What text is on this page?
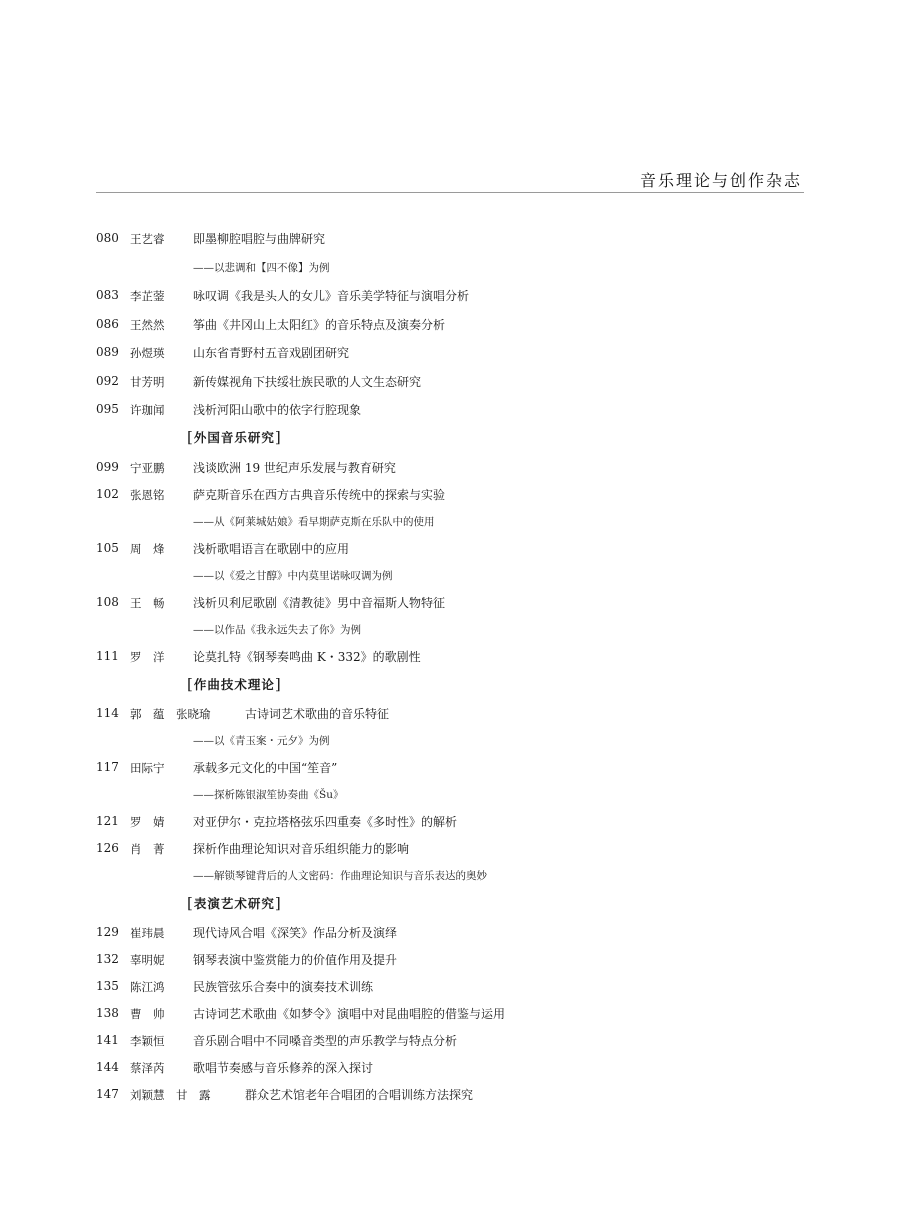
音乐理论与创作杂志
080 王艺睿 即墨柳腔唱腔与曲牌研究
——以悲调和【四不像】为例
083 李芷蓥 咏叹调《我是头人的女儿》音乐美学特征与演唱分析
086 王然然 筝曲《井冈山上太阳红》的音乐特点及演奏分析
089 孙煜瑛 山东省青野村五音戏剧团研究
092 甘芳明 新传媒视角下扶绥壮族民歌的人文生态研究
095 许珈闻 浅析河阳山歌中的依字行腔现象
[外国音乐研究]
099 宁亚鹏 浅谈欧洲 19 世纪声乐发展与教育研究
102 张恩铭 萨克斯音乐在西方古典音乐传统中的探索与实验
——从《阿莱城姑娘》看早期萨克斯在乐队中的使用
105 周　烽 浅析歌唱语言在歌剧中的应用
——以《爱之甘醇》中内莫里诺咏叹调为例
108 王　畅 浅析贝利尼歌剧《清教徒》男中音福斯人物特征
——以作品《我永远失去了你》为例
111 罗　洋 论莫扎特《钢琴奏鸣曲 K・332》的歌剧性
[作曲技术理论]
114 郭　蕴　张晓瑜	古诗词艺术歌曲的音乐特征
——以《青玉案・元夕》为例
117 田际宁 承载多元文化的中国“笙音”
——探析陈银淑笙协奏曲《Šu》
121 罗　婧 对亚伊尔・克拉塔格弦乐四重奏《多时性》的解析
126 肖　菁 探析作曲理论知识对音乐组织能力的影响
——解锁琴键背后的人文密码：作曲理论知识与音乐表达的奥妙
[表演艺术研究]
129 崔玮晨 现代诗风合唱《深笑》作品分析及演绎
132 辜明妮 钢琴表演中鉴赏能力的价值作用及提升
135 陈江鸿 民族管弦乐合奏中的演奏技术训练
138 曹　帅 古诗词艺术歌曲《如梦令》演唱中对昆曲唱腔的借鉴与运用
141 李颖恒 音乐剧合唱中不同嗓音类型的声乐教学与特点分析
144 蔡泽芮 歌唱节奏感与音乐修养的深入探讨
147 刘颖慧　甘　露	群众艺术馆老年合唱团的合唱训练方法探究
